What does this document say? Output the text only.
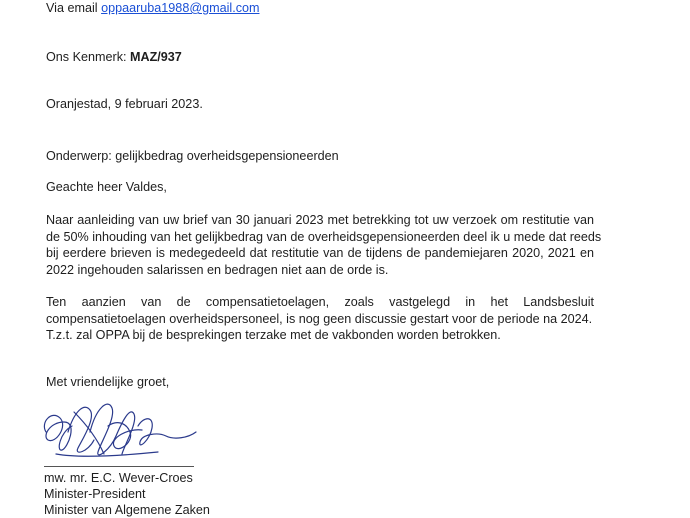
Via email oppaaruba1988@gmail.com
Ons Kenmerk: MAZ/937
Oranjestad, 9 februari 2023.
Onderwerp: gelijkbedrag overheidsgepensioneerden
Geachte heer Valdes,
Naar aanleiding van uw brief van 30 januari 2023 met betrekking tot uw verzoek om restitutie van
de 50% inhouding van het gelijkbedrag van de overheidsgepensioneerden deel ik u mede dat reeds
bij eerdere brieven is medegedeeld dat restitutie van de tijdens de pandemiejaren 2020, 2021 en
2022 ingehouden salarissen en bedragen niet aan de orde is.
Ten aanzien van de compensatietoelagen, zoals vastgelegd in het Landsbesluit
compensatietoelagen overheidspersoneel, is nog geen discussie gestart voor de periode na 2024.
T.z.t. zal OPPA bij de besprekingen terzake met de vakbonden worden betrokken.
Met vriendelijke groet,
mw. mr. E.C. Wever-Croes
Minister-President
Minister van Algemene Zaken
